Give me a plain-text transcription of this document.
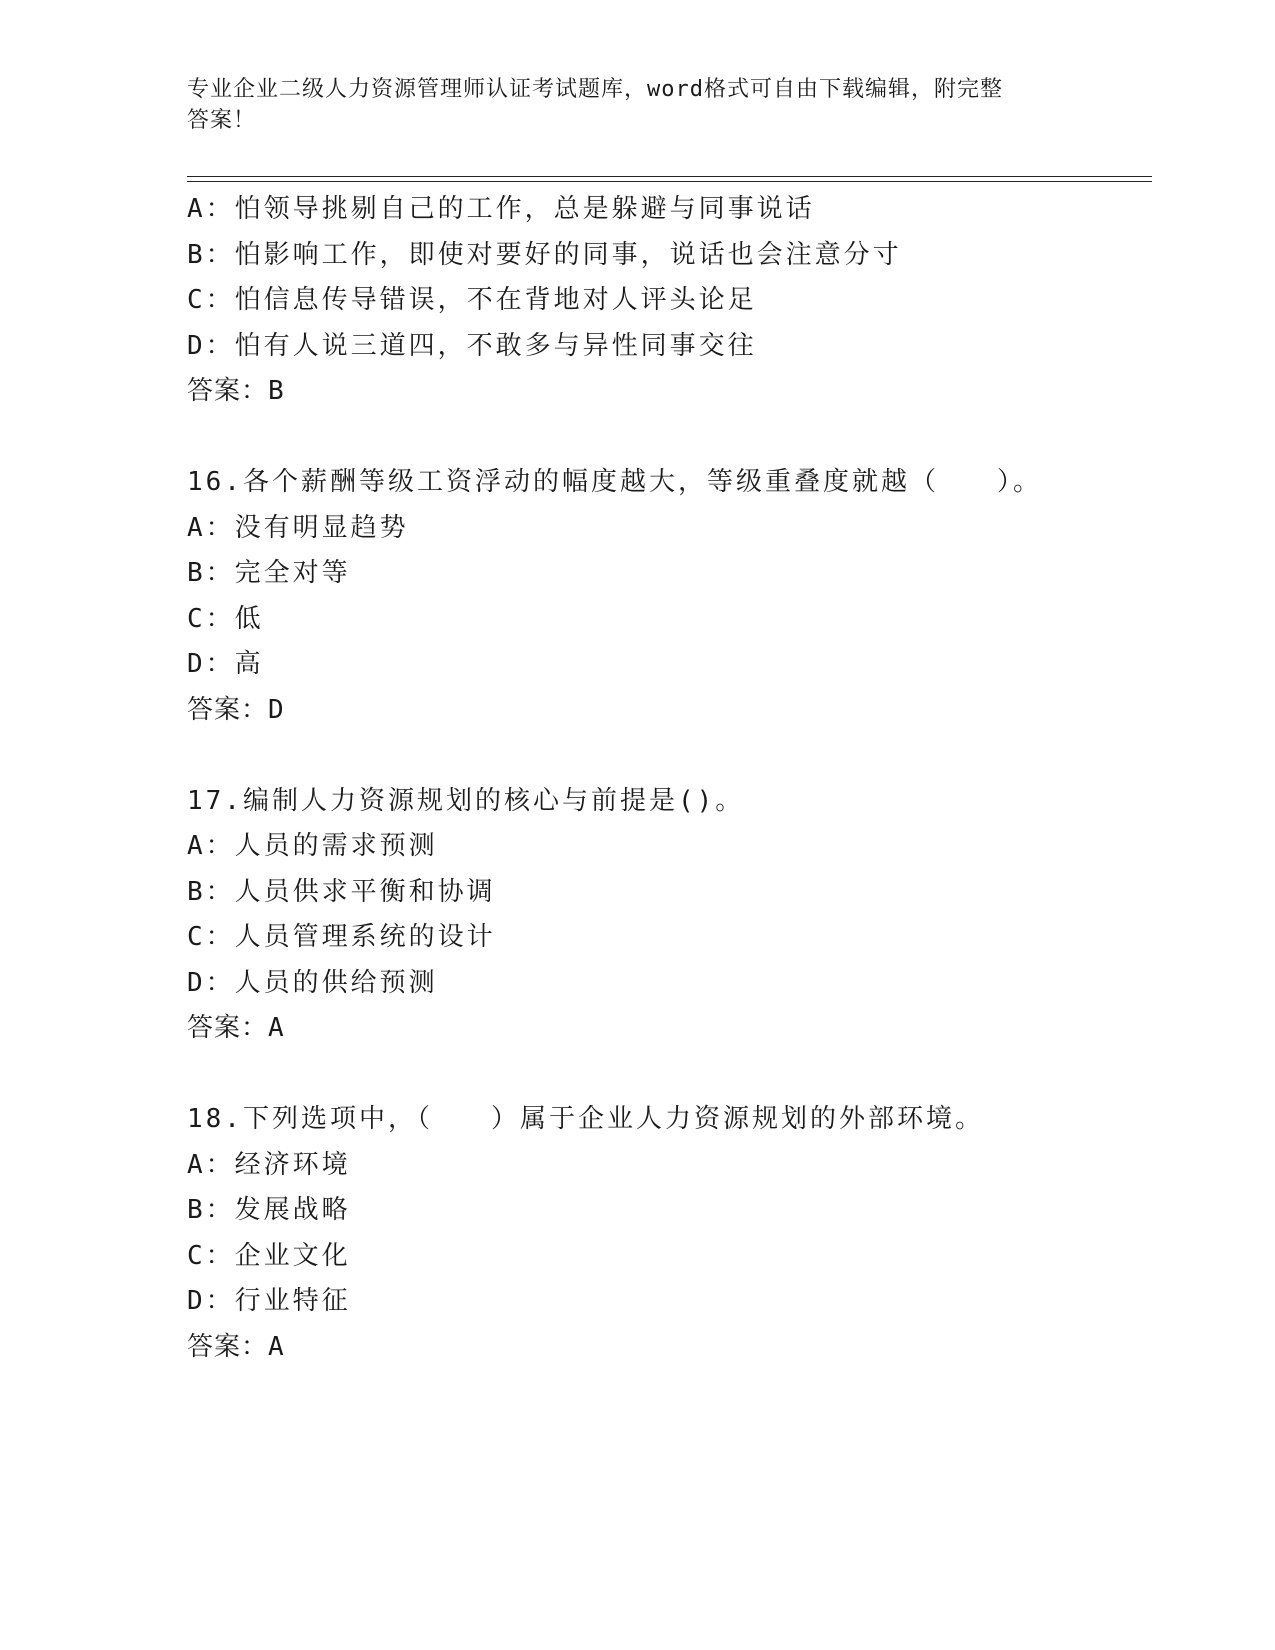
专业企业二级人力资源管理师认证考试题库，word格式可自由下载编辑，附完整
答案！
A：怕领导挑剔自己的工作，总是躲避与同事说话
B：怕影响工作，即使对要好的同事，说话也会注意分寸
C：怕信息传导错误，不在背地对人评头论足
D：怕有人说三道四，不敢多与异性同事交往
答案：B
16.各个薪酬等级工资浮动的幅度越大，等级重叠度就越（　　）。
A：没有明显趋势
B：完全对等
C：低
D：高
答案：D
17.编制人力资源规划的核心与前提是()。
A：人员的需求预测
B：人员供求平衡和协调
C：人员管理系统的设计
D：人员的供给预测
答案：A
18.下列选项中，（　　）属于企业人力资源规划的外部环境。
A：经济环境
B：发展战略
C：企业文化
D：行业特征
答案：A
